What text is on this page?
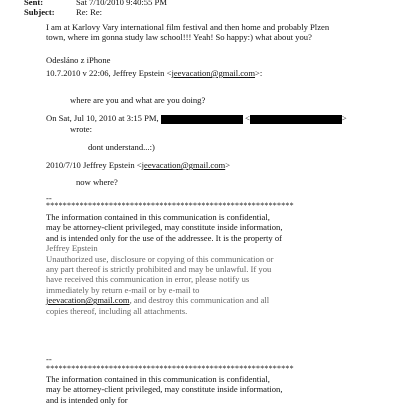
Sent:	Sat 7/10/2010 9:40:55 PM
Subject:	Re: Re:
I am at Karlovy Vary international film festival and then home and probably Plzen town, where im gonna study law school!!! Yeah! So happy:) what about you?
Odesláno z iPhone
10.7.2010 v 22:06, Jeffrey Epstein <jeevacation@gmail.com>:
where are you and what are you doing?
On Sat, Jul 10, 2010 at 3:15 PM,	<	>
wrote:
dont understand...:)
2010/7/10 Jeffrey Epstein <jeevacation@gmail.com>
now where?
--
***********************************************************
The information contained in this communication is confidential, may be attorney-client privileged, may constitute inside information, and is intended only for the use of the addressee. It is the property of
Jeffrey Epstein
Unauthorized use, disclosure or copying of this communication or any part thereof is strictly prohibited and may be unlawful. If you have received this communication in error, please notify us immediately by return e-mail or by e-mail to jeevacation@gmail.com, and destroy this communication and all copies thereof, including all attachments.
--
***********************************************************
The information contained in this communication is confidential, may be attorney-client privileged, may constitute inside information, and is intended only for
